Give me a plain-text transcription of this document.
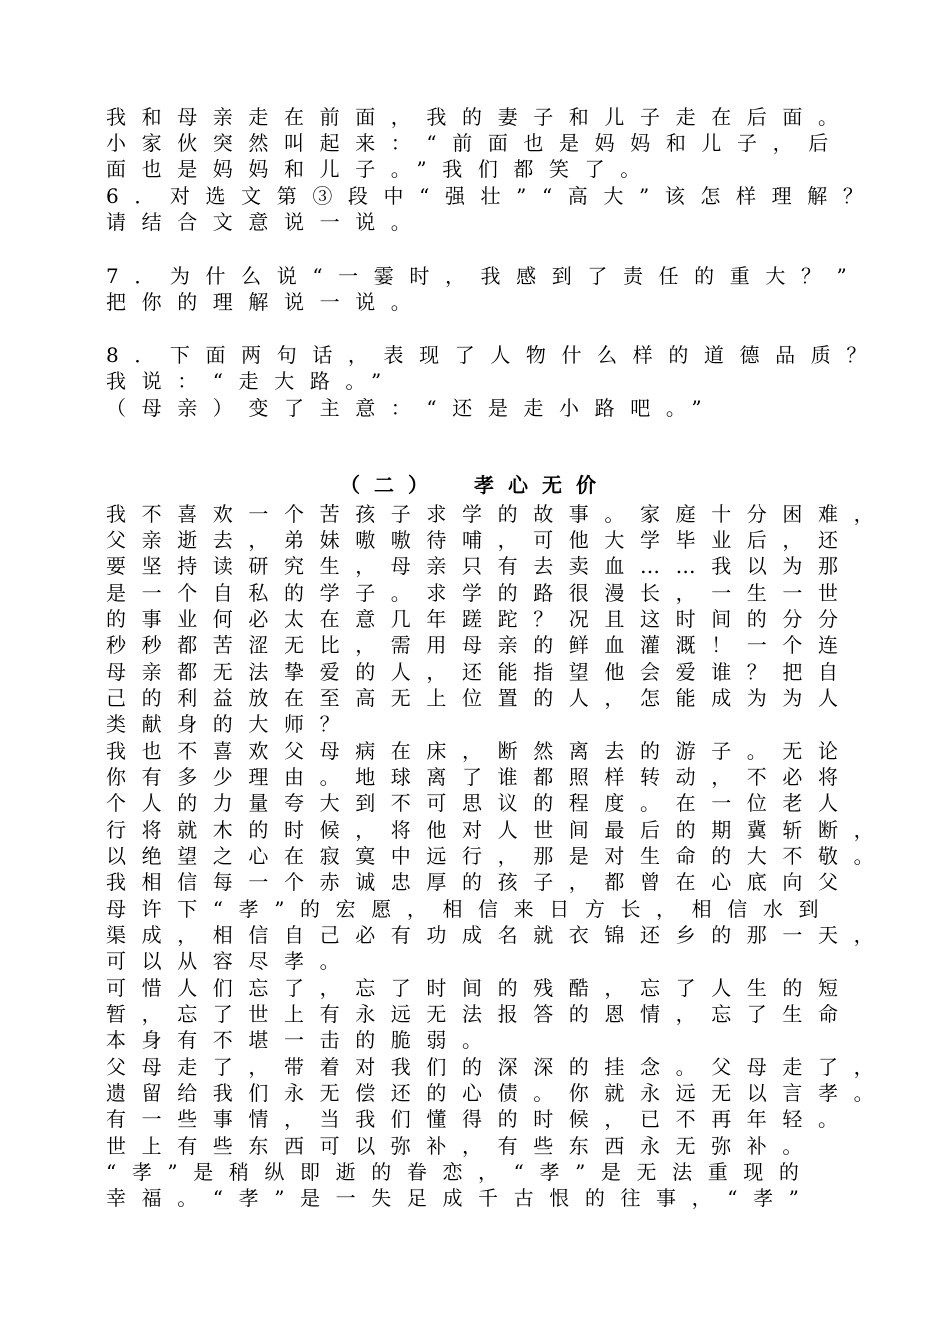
我和母亲走在前面，我的妻子和儿子走在后面。
小家伙突然叫起来：“前面也是妈妈和儿子，后
面也是妈妈和儿子。”我们都笑了。
6．对选文第③段中“强壮”“高大”该怎样理解？
请结合文意说一说。
7．为什么说“一霎时，我感到了责任的重大？”
把你的理解说一说。
8．下面两句话，表现了人物什么样的道德品质？
我说：“走大路。”
（母亲）变了主意：“还是走小路吧。”
（二） 孝心无价
我不喜欢一个苦孩子求学的故事。家庭十分困难，
父亲逝去，弟妹嗷嗷待哺，可他大学毕业后，还
要坚持读研究生，母亲只有去卖血……我以为那
是一个自私的学子。求学的路很漫长，一生一世
的事业何必太在意几年蹉跎？况且这时间的分分
秒秒都苦涩无比，需用母亲的鲜血灌溉！一个连
母亲都无法挚爱的人，还能指望他会爱谁？把自
己的利益放在至高无上位置的人，怎能成为为人
类献身的大师？
我也不喜欢父母病在床，断然离去的游子。无论
你有多少理由。地球离了谁都照样转动，不必将
个人的力量夸大到不可思议的程度。在一位老人
行将就木的时候，将他对人世间最后的期冀斩断，
以绝望之心在寂寞中远行，那是对生命的大不敬。
我相信每一个赤诚忠厚的孩子，都曾在心底向父
母许下“孝”的宏愿，相信来日方长，相信水到
渠成，相信自己必有功成名就衣锦还乡的那一天，
可以从容尽孝。
可惜人们忘了，忘了时间的残酷，忘了人生的短
暂，忘了世上有永远无法报答的恩情，忘了生命
本身有不堪一击的脆弱。
父母走了，带着对我们的深深的挂念。父母走了，
遗留给我们永无偿还的心债。你就永远无以言孝。
有一些事情，当我们懂得的时候，已不再年轻。
世上有些东西可以弥补，有些东西永无弥补。
“孝”是稍纵即逝的眷恋，“孝”是无法重现的
幸福。“孝”是一失足成千古恨的往事，“孝”
